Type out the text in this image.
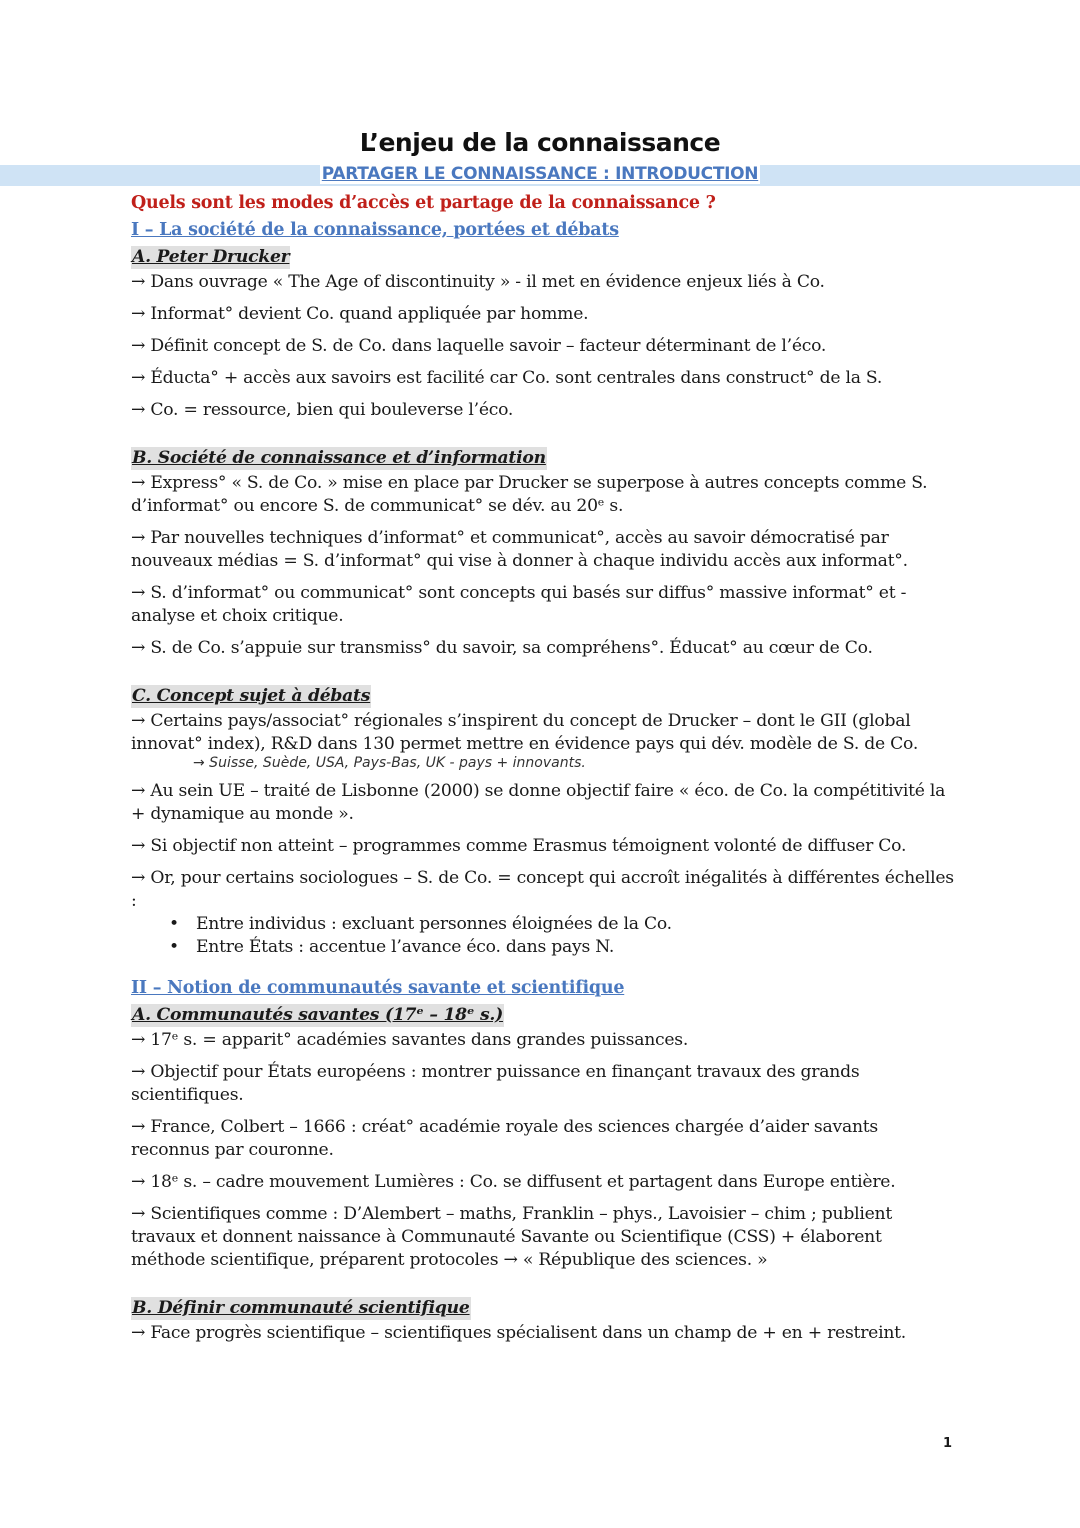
L’enjeu de la connaissance
PARTAGER LE CONNAISSANCE : INTRODUCTION

Quels sont les modes d’accès et partage de la connaissance ?

I – La société de la connaissance, portées et débats

A. Peter Drucker

→ Dans ouvrage « The Age of discontinuity » - il met en évidence enjeux liés à Co.

→ Informat° devient Co. quand appliquée par homme.

→ Définit concept de S. de Co. dans laquelle savoir – facteur déterminant de l’éco.

→ Éducta° + accès aux savoirs est facilité car Co. sont centrales dans construct° de la S.

→ Co. = ressource, bien qui bouleverse l’éco.

B. Société de connaissance et d’information

→ Express° « S. de Co. » mise en place par Drucker se superpose à autres concepts comme S. d’informat° ou encore S. de communicat° se dév. au 20ᵉ s.

→ Par nouvelles techniques d’informat° et communicat°, accès au savoir démocratisé par nouveaux médias = S. d’informat° qui vise à donner à chaque individu accès aux informat°.

→ S. d’informat° ou communicat° sont concepts qui basés sur diffus° massive informat° et -analyse et choix critique.

→ S. de Co. s’appuie sur transmiss° du savoir, sa compréhens°. Éducat° au cœur de Co.

C. Concept sujet à débats

→ Certains pays/associat° régionales s’inspirent du concept de Drucker – dont le GII (global innovat° index), R&D dans 130 permet mettre en évidence pays qui dév. modèle de S. de Co.

→ Suisse, Suède, USA, Pays-Bas, UK - pays + innovants.

→ Au sein UE – traité de Lisbonne (2000) se donne objectif faire « éco. de Co. la compétitivité la + dynamique au monde ».

→ Si objectif non atteint – programmes comme Erasmus témoignent volonté de diffuser Co.

→ Or, pour certains sociologues – S. de Co. = concept qui accroît inégalités à différentes échelles :

• Entre individus : excluant personnes éloignées de la Co.
• Entre États : accentue l’avance éco. dans pays N.

II – Notion de communautés savante et scientifique

A. Communautés savantes (17ᵉ – 18ᵉ s.)

→ 17ᵉ s. = apparit° académies savantes dans grandes puissances.

→ Objectif pour États européens : montrer puissance en finançant travaux des grands scientifiques.

→ France, Colbert – 1666 : créat° académie royale des sciences chargée d’aider savants reconnus par couronne.

→ 18ᵉ s. – cadre mouvement Lumières : Co. se diffusent et partagent dans Europe entière.

→ Scientifiques comme : D’Alembert – maths, Franklin – phys., Lavoisier – chim ; publient travaux et donnent naissance à Communauté Savante ou Scientifique (CSS) + élaborent méthode scientifique, préparent protocoles → « République des sciences. »

B. Définir communauté scientifique

→ Face progrès scientifique – scientifiques spécialisent dans un champ de + en + restreint.

1
